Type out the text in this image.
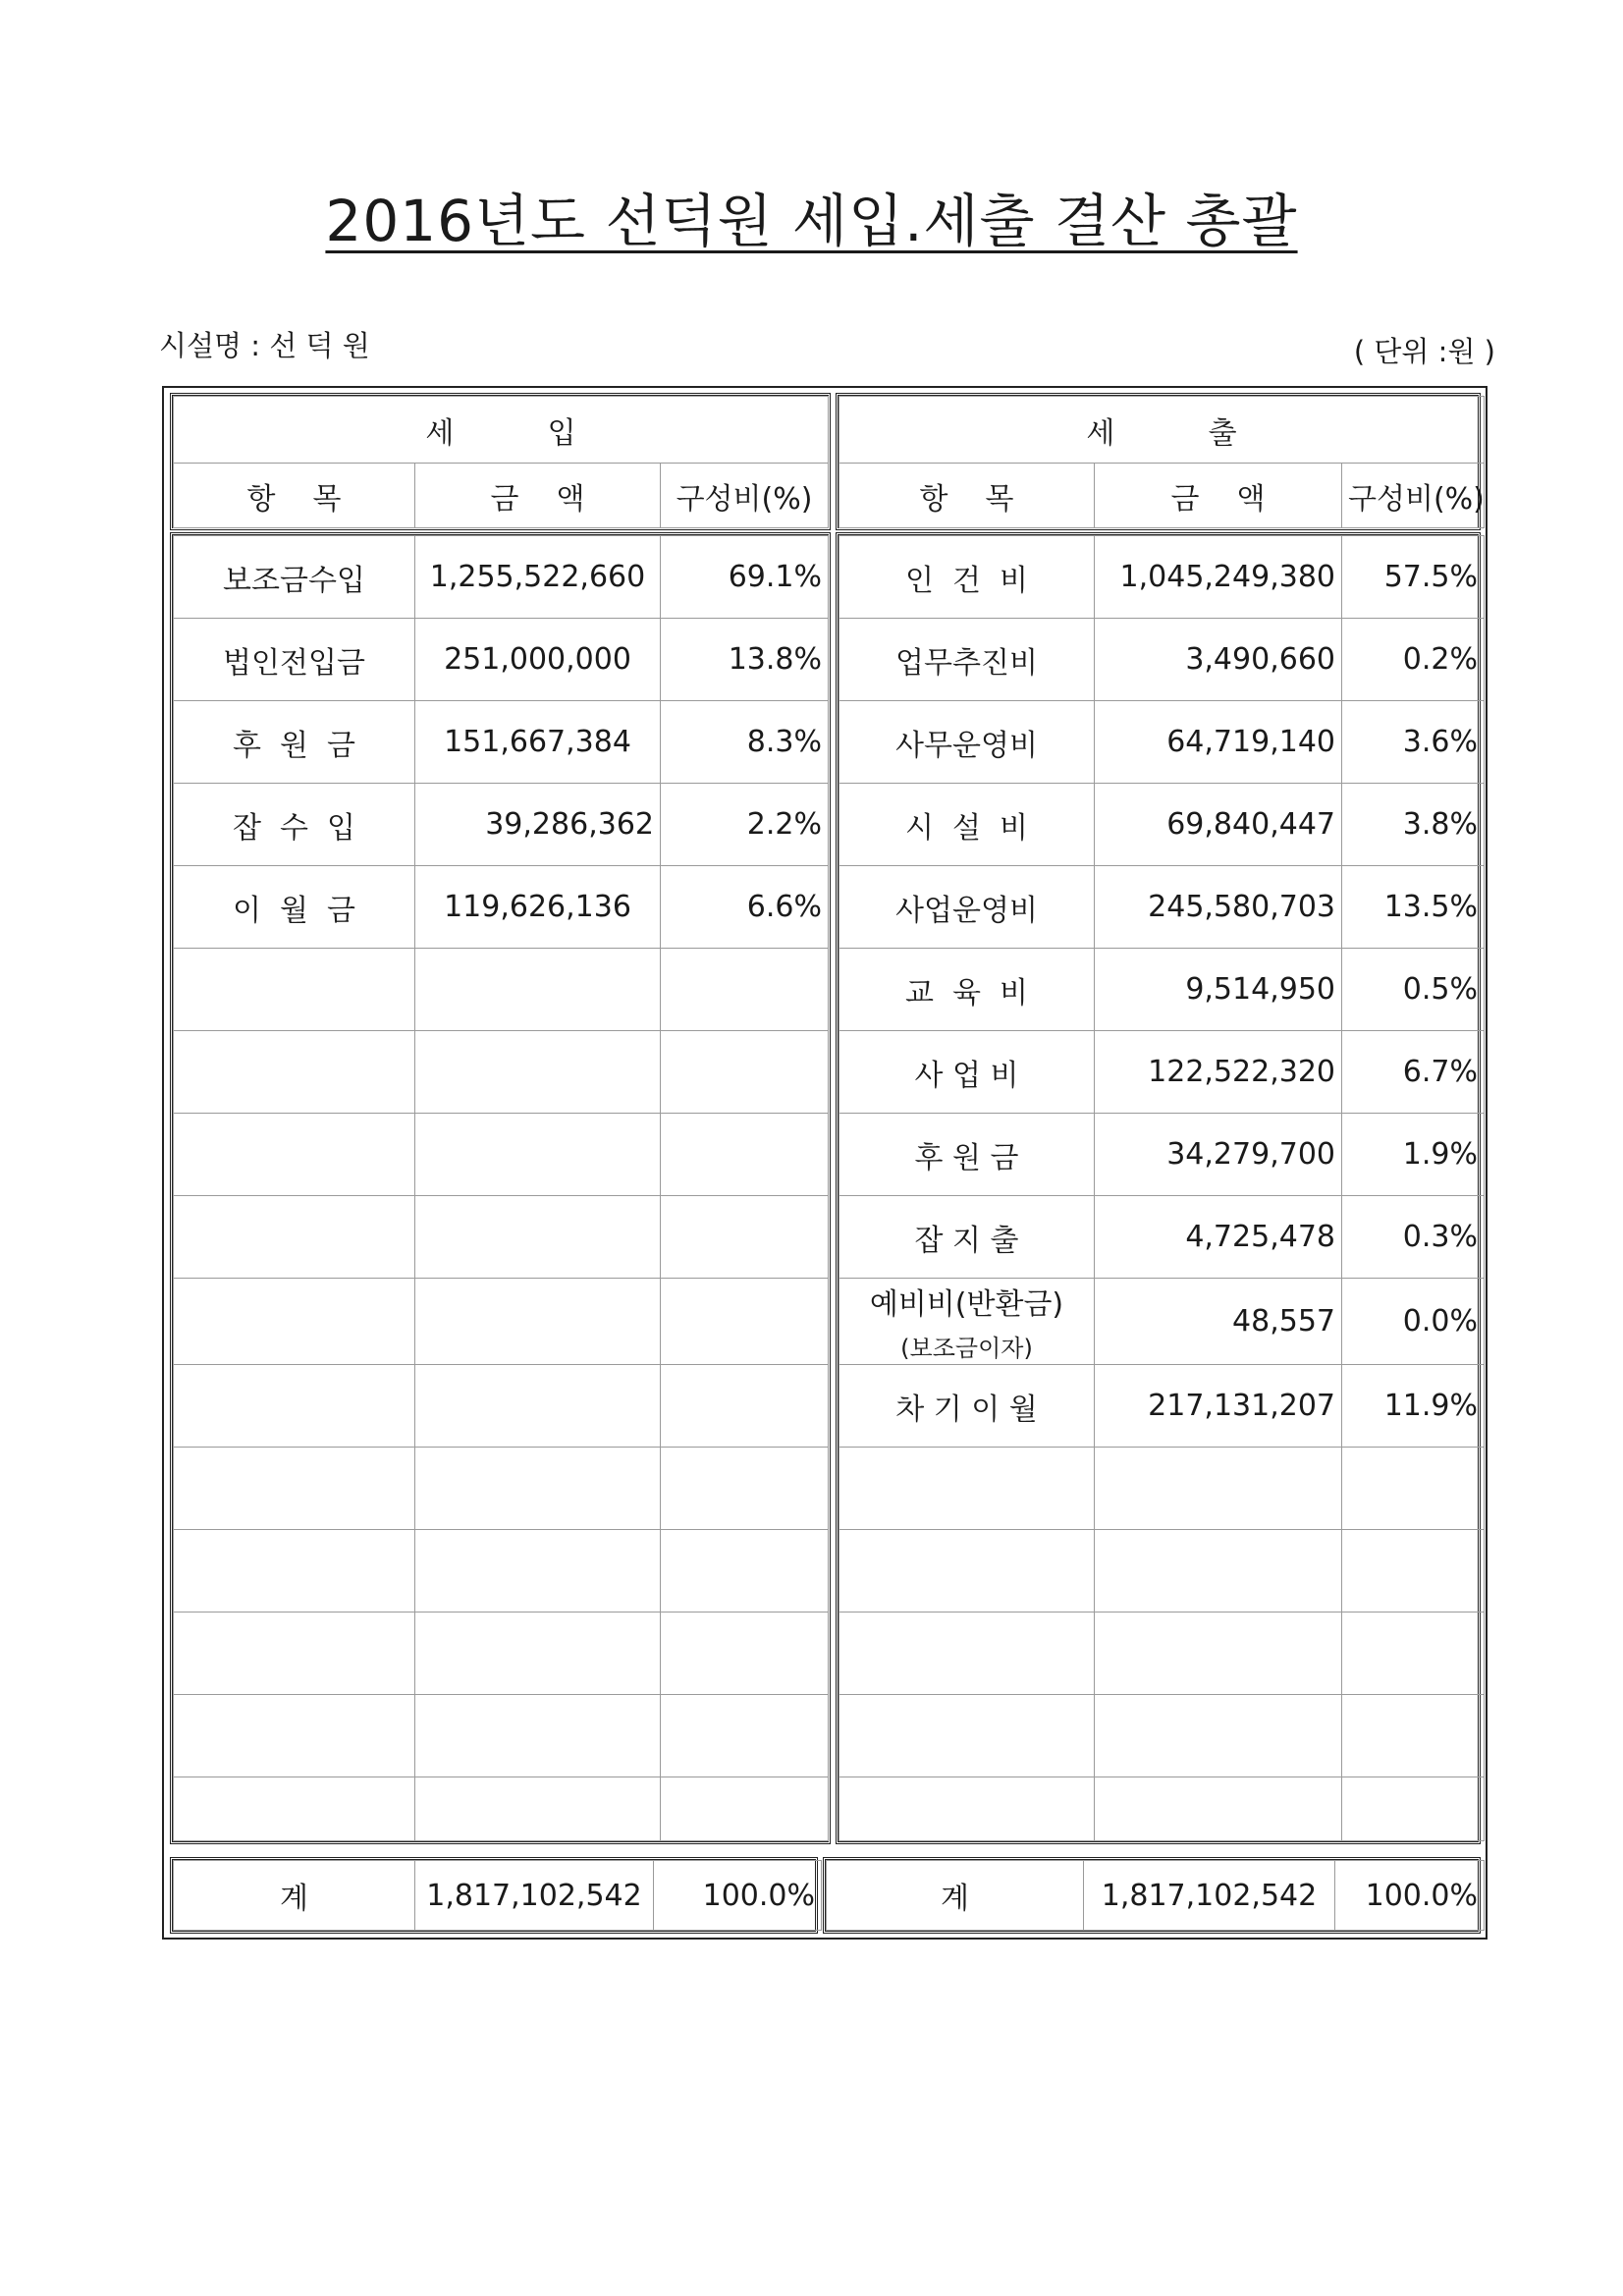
2016년도 선덕원 세입.세출 결산 총괄
시설명 : 선 덕 원	( 단위 :원 )
세          입
항    목	금    액	구성비(%)
세          출
항    목	금    액	구성비(%)
보조금수입	1,255,522,660	69.1%
법인전입금	251,000,000	13.8%
후  원  금	151,667,384	8.3%
잡  수  입	39,286,362	2.2%
이  월  금	119,626,136	6.6%

인  건  비	1,045,249,380	57.5%
업무추진비	3,490,660	0.2%
사무운영비	64,719,140	3.6%
시  설  비	69,840,447	3.8%
사업운영비	245,580,703	13.5%
교  육  비	9,514,950	0.5%
사 업 비	122,522,320	6.7%
후 원 금	34,279,700	1.9%
잡 지 출	4,725,478	0.3%
예비비(반환금)
(보조금이자)	48,557	0.0%
차 기 이 월	217,131,207	11.9%

계	1,817,102,542	100.0%	계	1,817,102,542	100.0%
